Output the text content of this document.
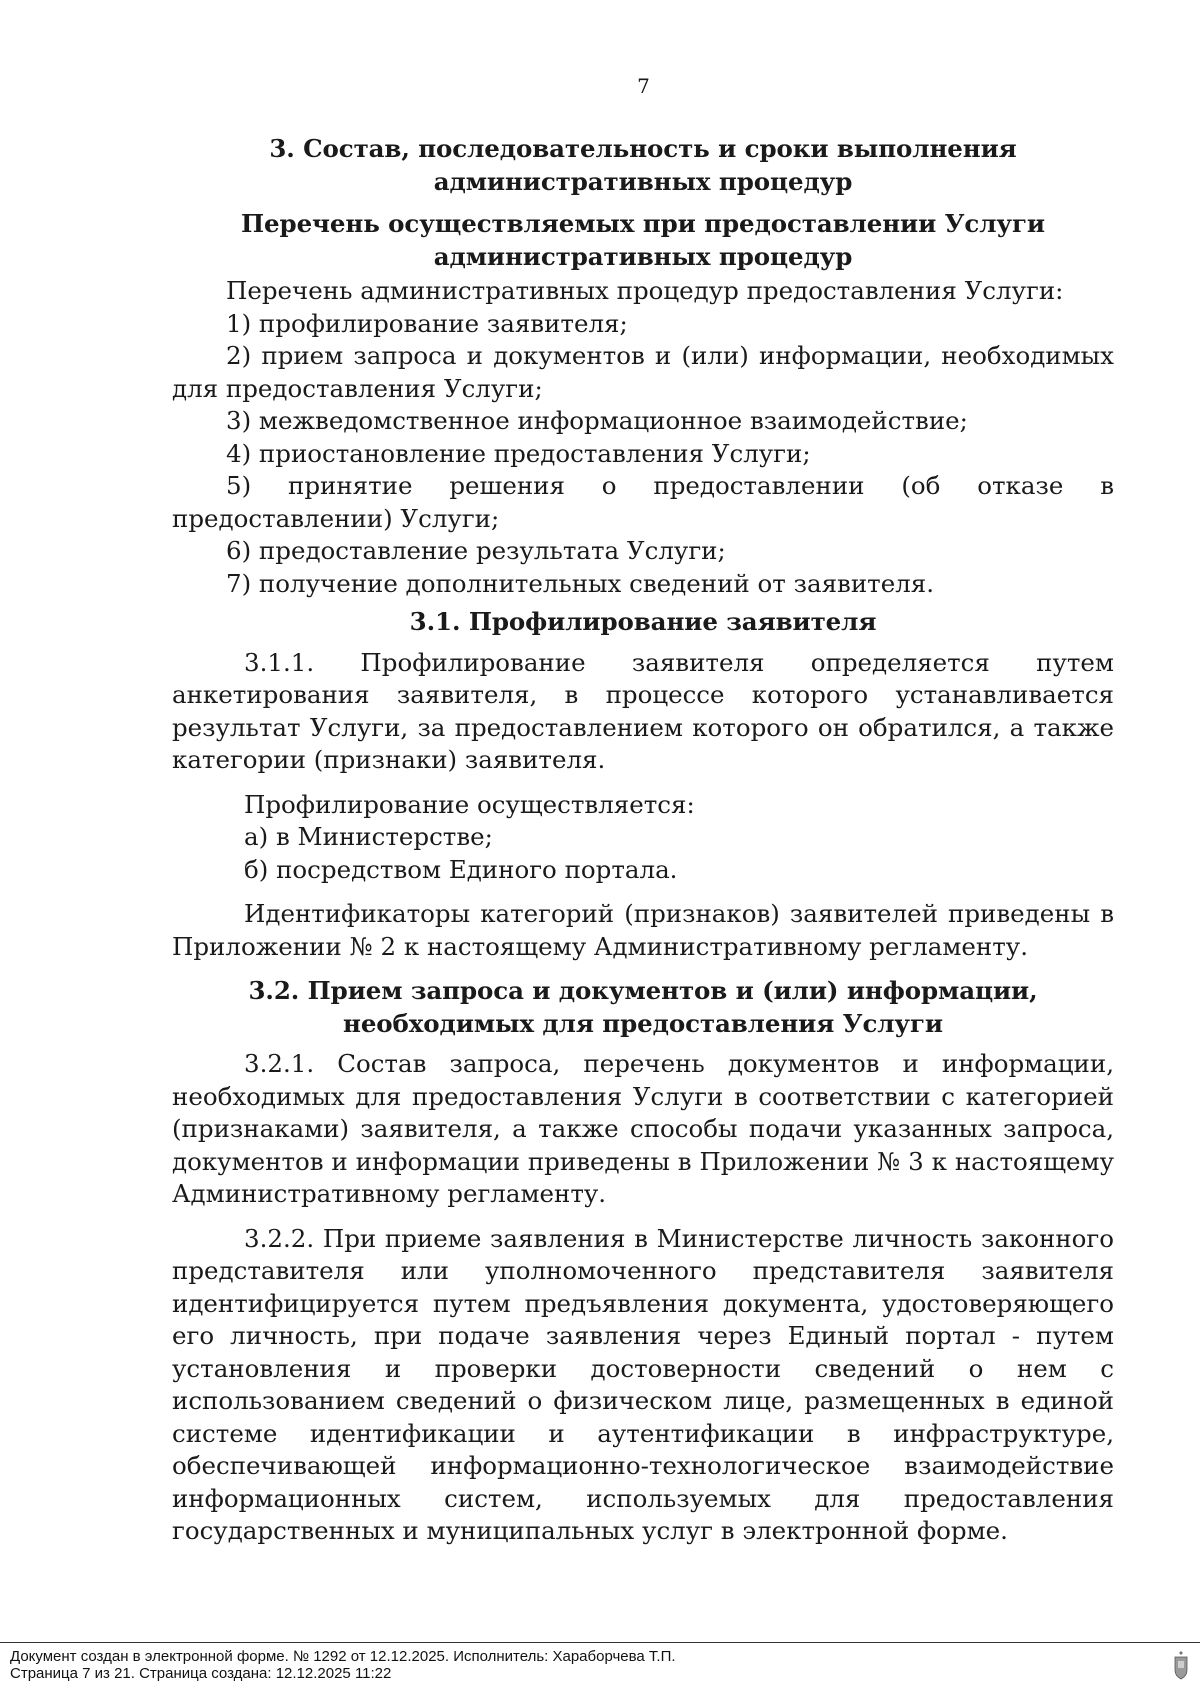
7

3. Состав, последовательность и сроки выполнения административных процедур

Перечень осуществляемых при предоставлении Услуги административных процедур

Перечень административных процедур предоставления Услуги:

1) профилирование заявителя;

2) прием запроса и документов и (или) информации, необходимых для предоставления Услуги;

3) межведомственное информационное взаимодействие;

4) приостановление предоставления Услуги;

5) принятие решения о предоставлении (об отказе в предоставлении) Услуги;

6) предоставление результата Услуги;

7) получение дополнительных сведений от заявителя.

3.1. Профилирование заявителя

3.1.1. Профилирование заявителя определяется путем анкетирования заявителя, в процессе которого устанавливается результат Услуги, за предоставлением которого он обратился, а также категории (признаки) заявителя.

Профилирование осуществляется:

а) в Министерстве;

б) посредством Единого портала.

Идентификаторы категорий (признаков) заявителей приведены в Приложении № 2 к настоящему Административному регламенту.

3.2. Прием запроса и документов и (или) информации, необходимых для предоставления Услуги

3.2.1. Состав запроса, перечень документов и информации, необходимых для предоставления Услуги в соответствии с категорией (признаками) заявителя, а также способы подачи указанных запроса, документов и информации приведены в Приложении № 3 к настоящему Административному регламенту.

3.2.2. При приеме заявления в Министерстве личность законного представителя или уполномоченного представителя заявителя идентифицируется путем предъявления документа, удостоверяющего его личность, при подаче заявления через Единый портал - путем установления и проверки достоверности сведений о нем с использованием сведений о физическом лице, размещенных в единой системе идентификации и аутентификации в инфраструктуре, обеспечивающей информационно-технологическое взаимодействие информационных систем, используемых для предоставления государственных и муниципальных услуг в электронной форме.

Документ создан в электронной форме. № 1292 от 12.12.2025. Исполнитель: Хараборчева Т.П.
Страница 7 из 21. Страница создана: 12.12.2025 11:22
